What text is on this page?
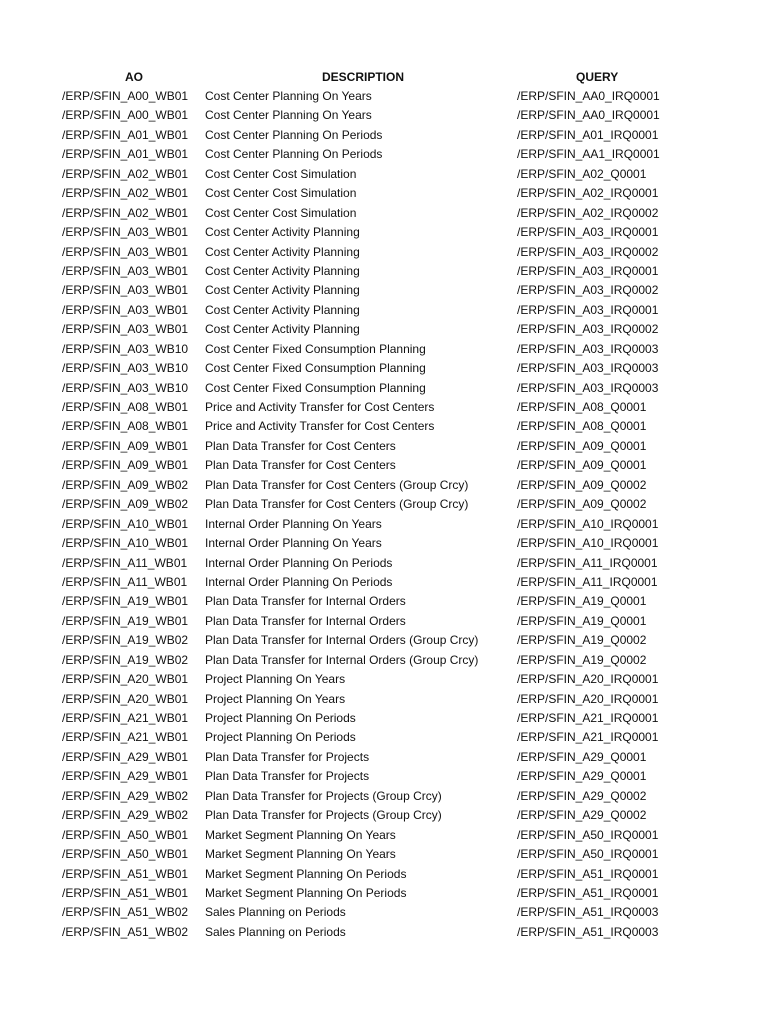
AO	DESCRIPTION	QUERY
/ERP/SFIN_A00_WB01	Cost Center Planning On Years	/ERP/SFIN_AA0_IRQ0001
/ERP/SFIN_A00_WB01	Cost Center Planning On Years	/ERP/SFIN_AA0_IRQ0001
/ERP/SFIN_A01_WB01	Cost Center Planning On Periods	/ERP/SFIN_A01_IRQ0001
/ERP/SFIN_A01_WB01	Cost Center Planning On Periods	/ERP/SFIN_AA1_IRQ0001
/ERP/SFIN_A02_WB01	Cost Center Cost Simulation	/ERP/SFIN_A02_Q0001
/ERP/SFIN_A02_WB01	Cost Center Cost Simulation	/ERP/SFIN_A02_IRQ0001
/ERP/SFIN_A02_WB01	Cost Center Cost Simulation	/ERP/SFIN_A02_IRQ0002
/ERP/SFIN_A03_WB01	Cost Center Activity Planning	/ERP/SFIN_A03_IRQ0001
/ERP/SFIN_A03_WB01	Cost Center Activity Planning	/ERP/SFIN_A03_IRQ0002
/ERP/SFIN_A03_WB01	Cost Center Activity Planning	/ERP/SFIN_A03_IRQ0001
/ERP/SFIN_A03_WB01	Cost Center Activity Planning	/ERP/SFIN_A03_IRQ0002
/ERP/SFIN_A03_WB01	Cost Center Activity Planning	/ERP/SFIN_A03_IRQ0001
/ERP/SFIN_A03_WB01	Cost Center Activity Planning	/ERP/SFIN_A03_IRQ0002
/ERP/SFIN_A03_WB10	Cost Center Fixed Consumption Planning	/ERP/SFIN_A03_IRQ0003
/ERP/SFIN_A03_WB10	Cost Center Fixed Consumption Planning	/ERP/SFIN_A03_IRQ0003
/ERP/SFIN_A03_WB10	Cost Center Fixed Consumption Planning	/ERP/SFIN_A03_IRQ0003
/ERP/SFIN_A08_WB01	Price and Activity Transfer for Cost Centers	/ERP/SFIN_A08_Q0001
/ERP/SFIN_A08_WB01	Price and Activity Transfer for Cost Centers	/ERP/SFIN_A08_Q0001
/ERP/SFIN_A09_WB01	Plan Data Transfer for Cost Centers	/ERP/SFIN_A09_Q0001
/ERP/SFIN_A09_WB01	Plan Data Transfer for Cost Centers	/ERP/SFIN_A09_Q0001
/ERP/SFIN_A09_WB02	Plan Data Transfer for Cost Centers (Group Crcy)	/ERP/SFIN_A09_Q0002
/ERP/SFIN_A09_WB02	Plan Data Transfer for Cost Centers (Group Crcy)	/ERP/SFIN_A09_Q0002
/ERP/SFIN_A10_WB01	Internal Order Planning On Years	/ERP/SFIN_A10_IRQ0001
/ERP/SFIN_A10_WB01	Internal Order Planning On Years	/ERP/SFIN_A10_IRQ0001
/ERP/SFIN_A11_WB01	Internal Order Planning On Periods	/ERP/SFIN_A11_IRQ0001
/ERP/SFIN_A11_WB01	Internal Order Planning On Periods	/ERP/SFIN_A11_IRQ0001
/ERP/SFIN_A19_WB01	Plan Data Transfer for Internal Orders	/ERP/SFIN_A19_Q0001
/ERP/SFIN_A19_WB01	Plan Data Transfer for Internal Orders	/ERP/SFIN_A19_Q0001
/ERP/SFIN_A19_WB02	Plan Data Transfer for Internal Orders (Group Crcy)	/ERP/SFIN_A19_Q0002
/ERP/SFIN_A19_WB02	Plan Data Transfer for Internal Orders (Group Crcy)	/ERP/SFIN_A19_Q0002
/ERP/SFIN_A20_WB01	Project Planning On Years	/ERP/SFIN_A20_IRQ0001
/ERP/SFIN_A20_WB01	Project Planning On Years	/ERP/SFIN_A20_IRQ0001
/ERP/SFIN_A21_WB01	Project Planning On Periods	/ERP/SFIN_A21_IRQ0001
/ERP/SFIN_A21_WB01	Project Planning On Periods	/ERP/SFIN_A21_IRQ0001
/ERP/SFIN_A29_WB01	Plan Data Transfer for Projects	/ERP/SFIN_A29_Q0001
/ERP/SFIN_A29_WB01	Plan Data Transfer for Projects	/ERP/SFIN_A29_Q0001
/ERP/SFIN_A29_WB02	Plan Data Transfer for Projects (Group Crcy)	/ERP/SFIN_A29_Q0002
/ERP/SFIN_A29_WB02	Plan Data Transfer for Projects (Group Crcy)	/ERP/SFIN_A29_Q0002
/ERP/SFIN_A50_WB01	Market Segment Planning On Years	/ERP/SFIN_A50_IRQ0001
/ERP/SFIN_A50_WB01	Market Segment Planning On Years	/ERP/SFIN_A50_IRQ0001
/ERP/SFIN_A51_WB01	Market Segment Planning On Periods	/ERP/SFIN_A51_IRQ0001
/ERP/SFIN_A51_WB01	Market Segment Planning On Periods	/ERP/SFIN_A51_IRQ0001
/ERP/SFIN_A51_WB02	Sales Planning on Periods	/ERP/SFIN_A51_IRQ0003
/ERP/SFIN_A51_WB02	Sales Planning on Periods	/ERP/SFIN_A51_IRQ0003
